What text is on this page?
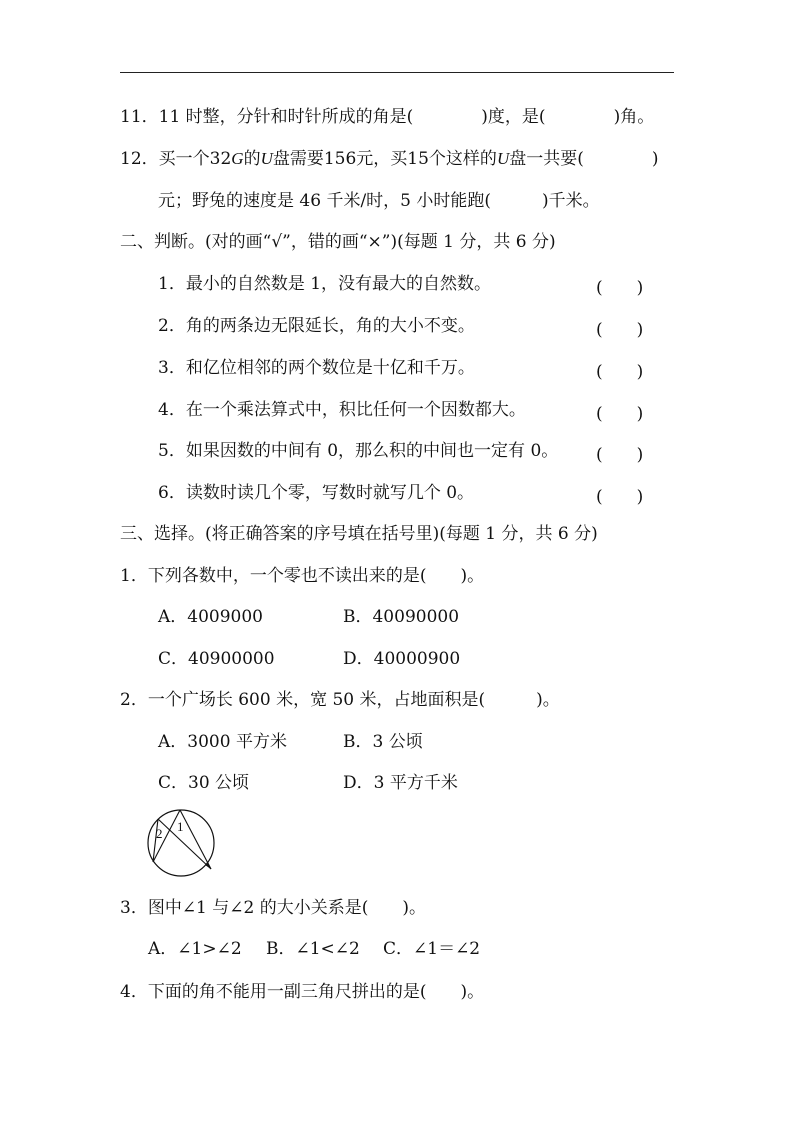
11．11 时整，分针和时针所成的角是(　　　　)度，是(　　　　)角。
12．买一个32G的U盘需要156元，买15个这样的U盘一共要(　　　　)
元；野兔的速度是 46 千米/时，5 小时能跑(　　　)千米。
二、判断。(对的画“√”，错的画“×”)(每题 1 分，共 6 分)
1．最小的自然数是 1，没有最大的自然数。	(　　)
2．角的两条边无限延长，角的大小不变。	(　　)
3．和亿位相邻的两个数位是十亿和千万。	(　　)
4．在一个乘法算式中，积比任何一个因数都大。	(　　)
5．如果因数的中间有 0，那么积的中间也一定有 0。 (　　)
6．读数时读几个零，写数时就写几个 0。	(　　)
三、选择。(将正确答案的序号填在括号里)(每题 1 分，共 6 分)
1．下列各数中，一个零也不读出来的是(　　)。
A．4009000	B．40090000
C．40900000	D．40000900
2．一个广场长 600 米，宽 50 米，占地面积是(　　　)。
A．3000 平方米	B．3 公顷
C．30 公顷	D．3 平方千米
1
2
3．图中∠1 与∠2 的大小关系是(　　)。
A．∠1>∠2 B．∠1<∠2 C．∠1＝∠2
4．下面的角不能用一副三角尺拼出的是(　　)。
